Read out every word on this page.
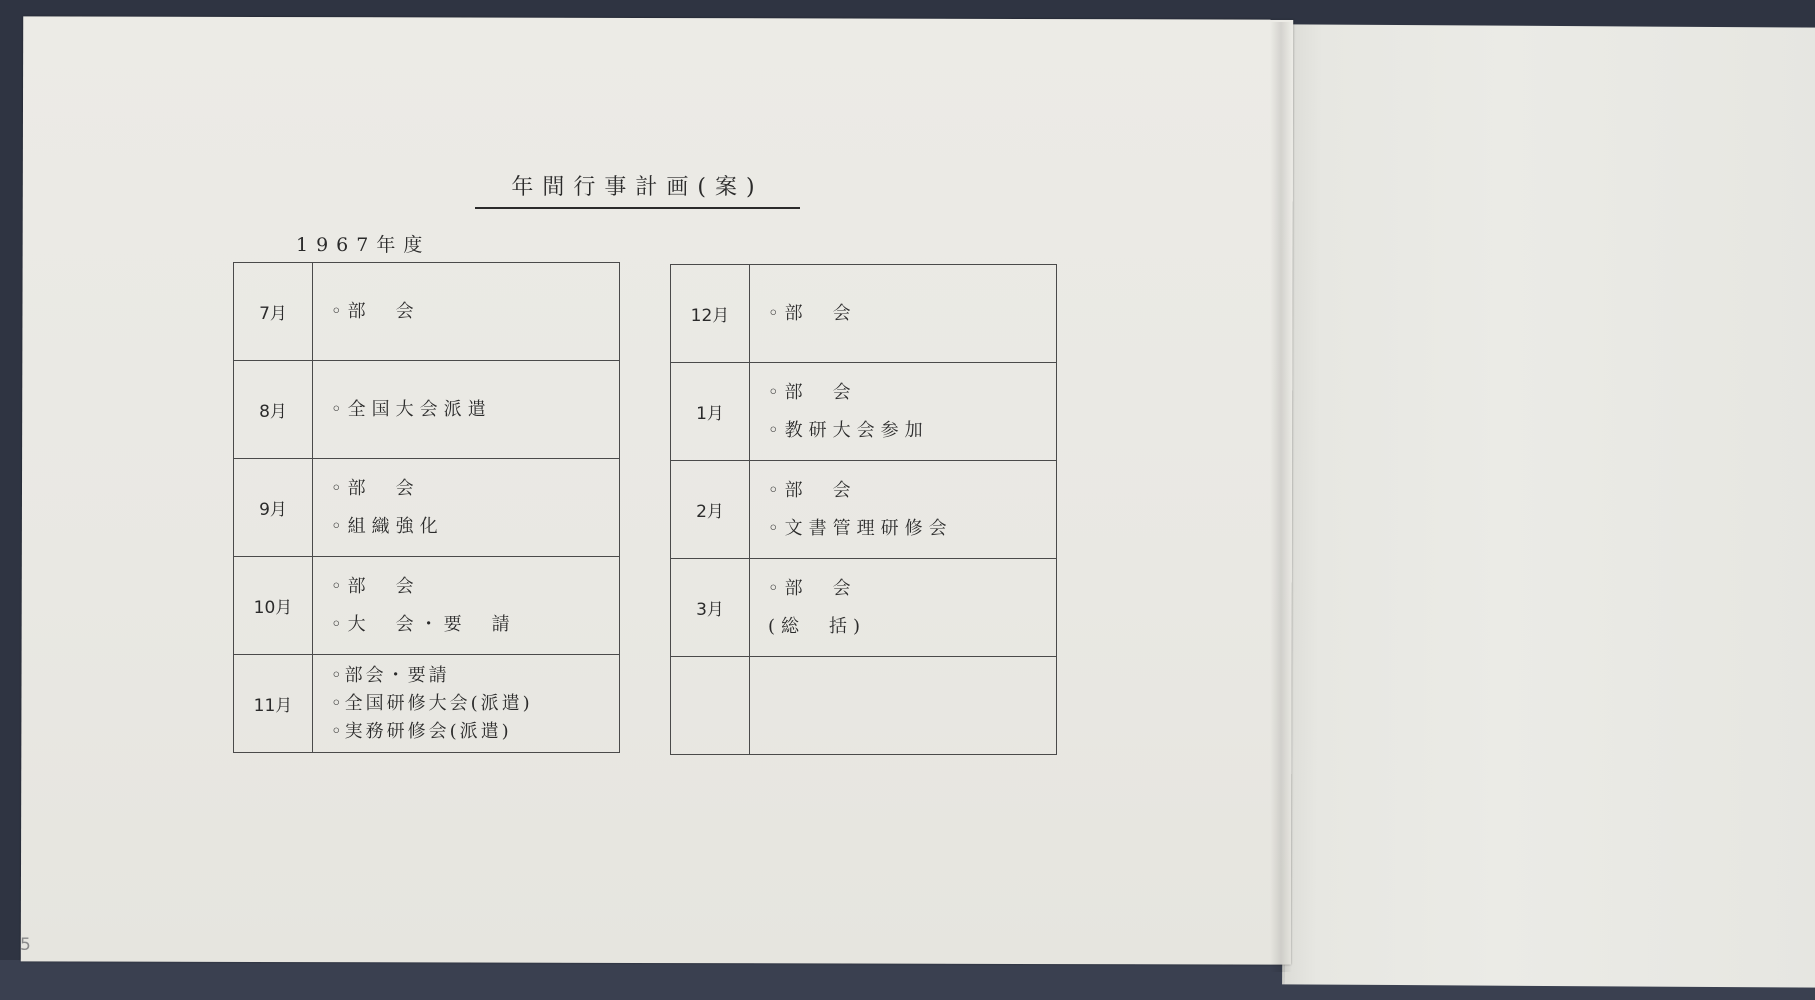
年間行事計画(案)
1967年度
7月	◦部　会

8月	◦全国大会派遣

9月	◦部　会
◦組織強化

10月	◦部　会
◦大　会・要　請

11月	◦部会・要請
◦全国研修大会(派遣)
◦実務研修会(派遣)
12月	◦部　会

1月	◦部　会
◦教研大会参加

2月	◦部　会
◦文書管理研修会

3月	◦部　会
(総　括)

5
